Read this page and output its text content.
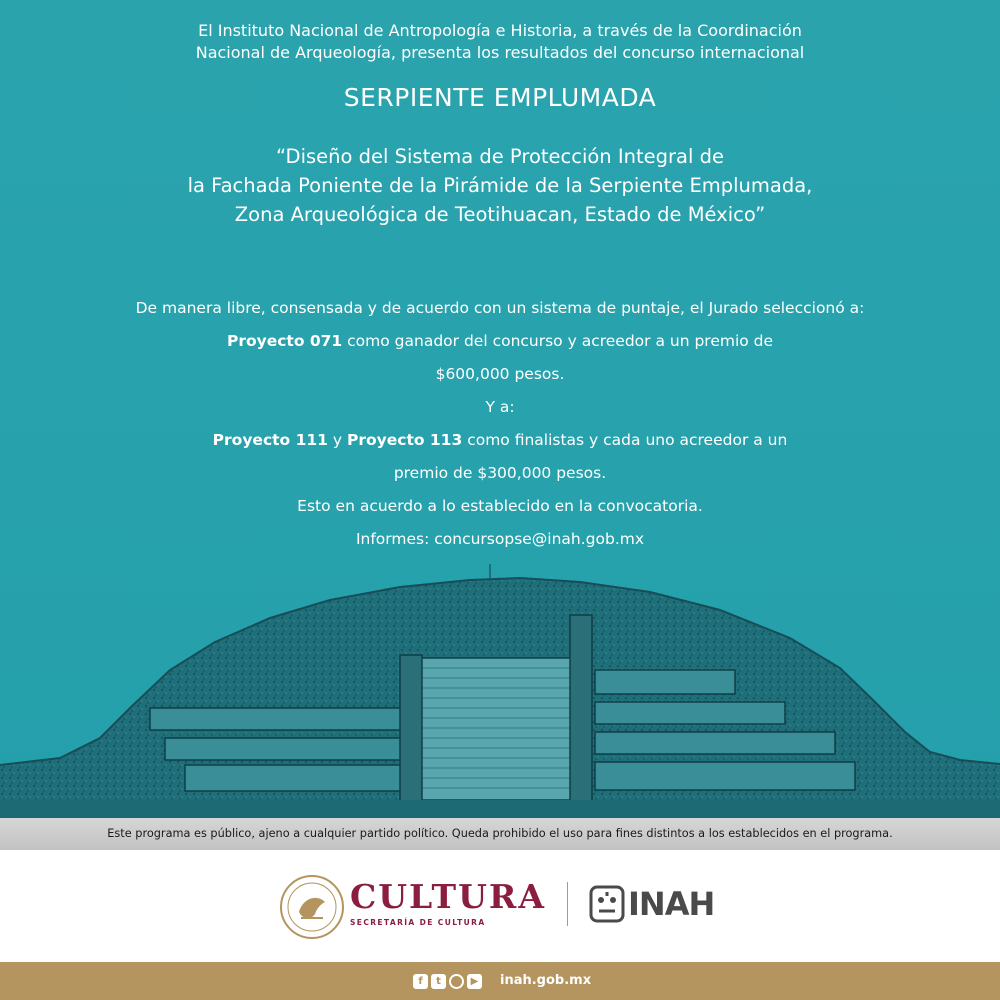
El Instituto Nacional de Antropología e Historia, a través de la Coordinación
Nacional de Arqueología, presenta los resultados del concurso internacional
SERPIENTE EMPLUMADA
“Diseño del Sistema de Protección Integral de
la Fachada Poniente de la Pirámide de la Serpiente Emplumada,
Zona Arqueológica de Teotihuacan, Estado de México”
De manera libre, consensada y de acuerdo con un sistema de puntaje, el Jurado seleccionó a:
Proyecto 071 como ganador del concurso y acreedor a un premio de
$600,000 pesos.
Y a:
Proyecto 111 y Proyecto 113 como finalistas y cada uno acreedor a un
premio de $300,000 pesos.
Esto en acuerdo a lo establecido en la convocatoria.
Informes: concursopse@inah.gob.mx
Este programa es público, ajeno a cualquier partido político. Queda prohibido el uso para fines distintos a los establecidos en el programa.
CULTURA
SECRETARÍA DE CULTURA	INAH
f	t	▶ inah.gob.mx
